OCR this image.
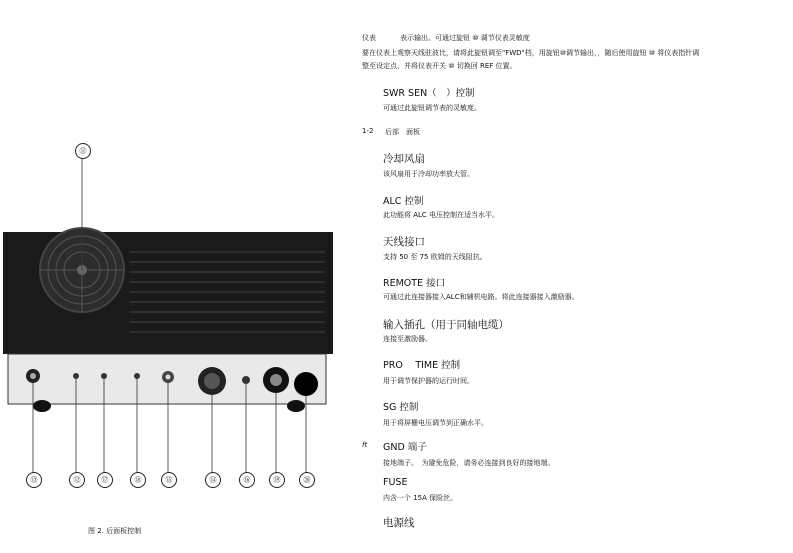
仪表	表示输出。可通过旋钮 ⑩ 调节仪表灵敏度
要在仪表上观察天线驻波比，请将此旋钮调至"FWD"档，用旋钮⑩调节输出，，随后使用旋钮 ⑩ 将仪表指针调
整至设定点，并将仪表开关 ⑩ 切换回 REF 位置。
SWR SEN（　）控制
可通过此旋钮调节表的灵敏度。
1-2 后部　面板
冷却风扇
该风扇用于冷却功率放大管。
ALC 控制
此功能将 ALC 电压控制在适当水平。
天线接口
支持 50 至 75 欧姆的天线阻抗。
REMOTE 接口
可通过此连接器接入ALC和辅机电路。将此连接器接入激励器。
输入插孔（用于同轴电缆）
连接至激励器。
PRO　 TIME 控制
用于调节保护器的运行时间。
SG 控制
用于将屏栅电压调节到正确水平。
ft GND 端子
接地端子。　为避免危险，请务必连接到良好的接地端。
FUSE
内含一个 15A 保险丝。
电源线
⑪
⑬	⑫	⑰	⑱	⑮	⑭	⑯	⑲	⑳
图 2. 后面板控制
